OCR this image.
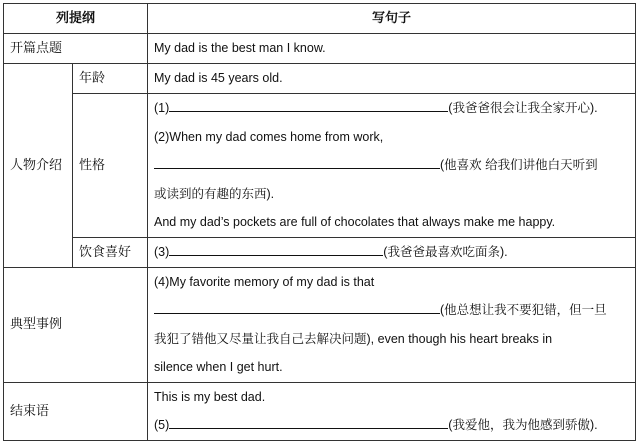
列提纲		写句子
开篇点题		My dad is the best man I know.
人物介绍	年龄	My dad is 45 years old.
	性格	(1) (我爸爸很会让我全家开心).
(2)When my dad comes home from work,
(他喜欢 给我们讲他白天听到
或读到的有趣的东西).
And my dad’s pockets are full of chocolates that always make me happy.

	饮食喜好	(3) (我爸爸最喜欢吃面条).
典型事例		(4)My favorite memory of my dad is that
(他总想让我不要犯错，但一旦
我犯了错他又尽量让我自己去解决问题), even though his heart breaks in
silence when I get hurt.

结束语		This is my best dad.
(5) (我爱他，我为他感到骄傲).
